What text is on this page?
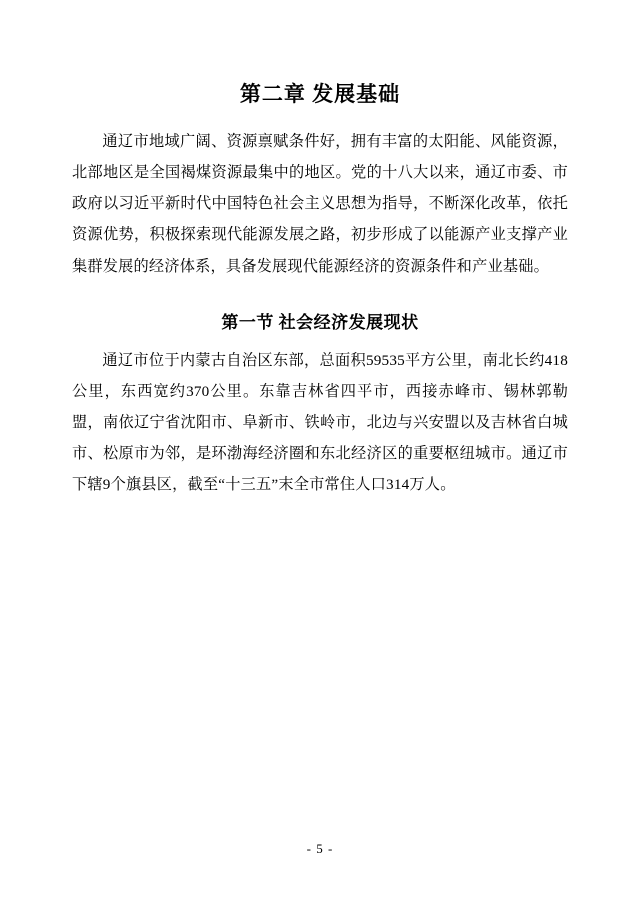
第二章 发展基础

通辽市地域广阔、资源禀赋条件好，拥有丰富的太阳能、风能资源，北部地区是全国褐煤资源最集中的地区。党的十八大以来，通辽市委、市政府以习近平新时代中国特色社会主义思想为指导，不断深化改革，依托资源优势，积极探索现代能源发展之路，初步形成了以能源产业支撑产业集群发展的经济体系，具备发展现代能源经济的资源条件和产业基础。

第一节 社会经济发展现状

通辽市位于内蒙古自治区东部，总面积59535平方公里，南北长约418公里，东西宽约370公里。东靠吉林省四平市，西接赤峰市、锡林郭勒盟，南依辽宁省沈阳市、阜新市、铁岭市，北边与兴安盟以及吉林省白城市、松原市为邻，是环渤海经济圈和东北经济区的重要枢纽城市。通辽市下辖9个旗县区，截至“十三五”末全市常住人口314万人。

- 5 -
